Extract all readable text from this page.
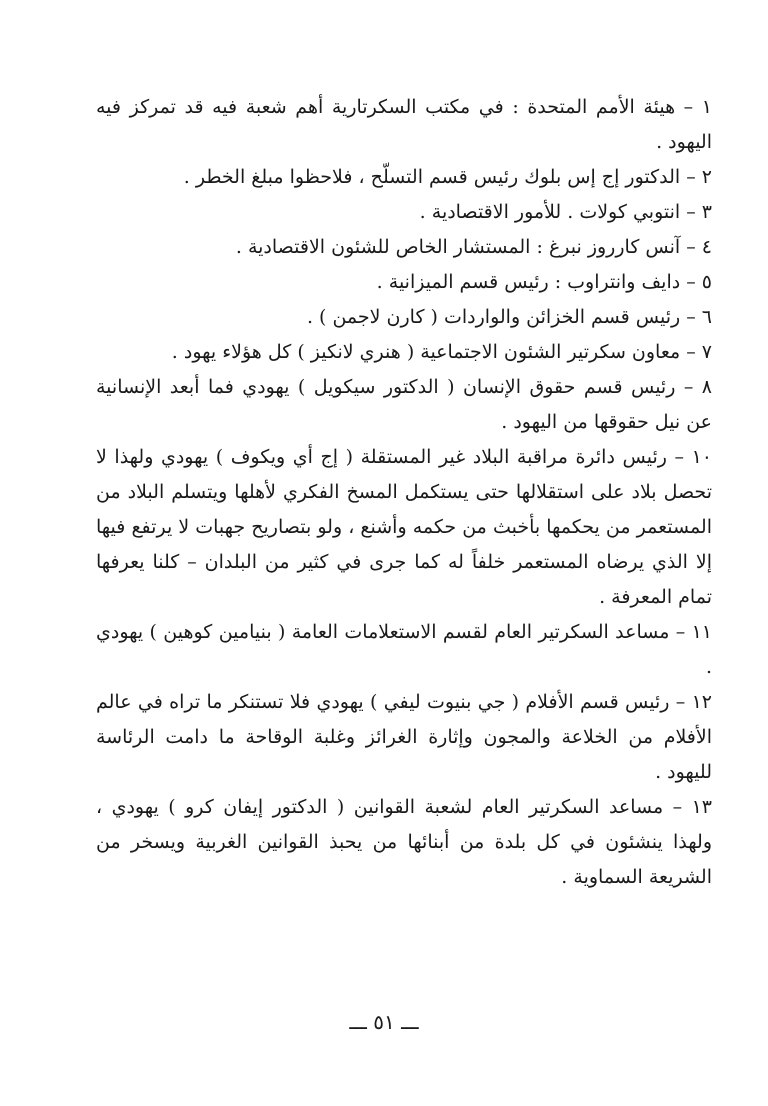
١ – هيئة الأمم المتحدة : في مكتب السكرتارية أهم شعبة فيه قد تمركز فيه اليهود .

٢ – الدكتور إج إس بلوك رئيس قسم التسلّح ، فلاحظوا مبلغ الخطر .

٣ – انتوبي كولات . للأمور الاقتصادية .

٤ – آنس كارروز نبرغ : المستشار الخاص للشئون الاقتصادية .

٥ – دايف وانتراوب : رئيس قسم الميزانية .

٦ – رئيس قسم الخزائن والواردات ( كارن لاجمن ) .

٧ – معاون سكرتير الشئون الاجتماعية ( هنري لانكيز ) كل هؤلاء يهود .

٨ – رئيس قسم حقوق الإنسان ( الدكتور سيكويل ) يهودي فما أبعد الإنسانية عن نيل حقوقها من اليهود .

١٠ – رئيس دائرة مراقبة البلاد غير المستقلة ( إج أي ويكوف ) يهودي ولهذا لا تحصل بلاد على استقلالها حتى يستكمل المسخ الفكري لأهلها ويتسلم البلاد من المستعمر من يحكمها بأخبث من حكمه وأشنع ، ولو بتصاريح جهبات لا يرتفع فيها إلا الذي يرضاه المستعمر خلفاً له كما جرى في كثير من البلدان – كلنا يعرفها تمام المعرفة .

١١ – مساعد السكرتير العام لقسم الاستعلامات العامة ( بنيامين كوهين ) يهودي .

١٢ – رئيس قسم الأفلام ( جي بنيوت ليفي ) يهودي فلا تستنكر ما تراه في عالم الأفلام من الخلاعة والمجون وإثارة الغرائز وغلبة الوقاحة ما دامت الرئاسة لليهود .

١٣ – مساعد السكرتير العام لشعبة القوانين ( الدكتور إيفان كرو ) يهودي ، ولهذا ينشئون في كل بلدة من أبنائها من يحبذ القوانين الغربية ويسخر من الشريعة السماوية .

ـــ ٥١ ـــ
